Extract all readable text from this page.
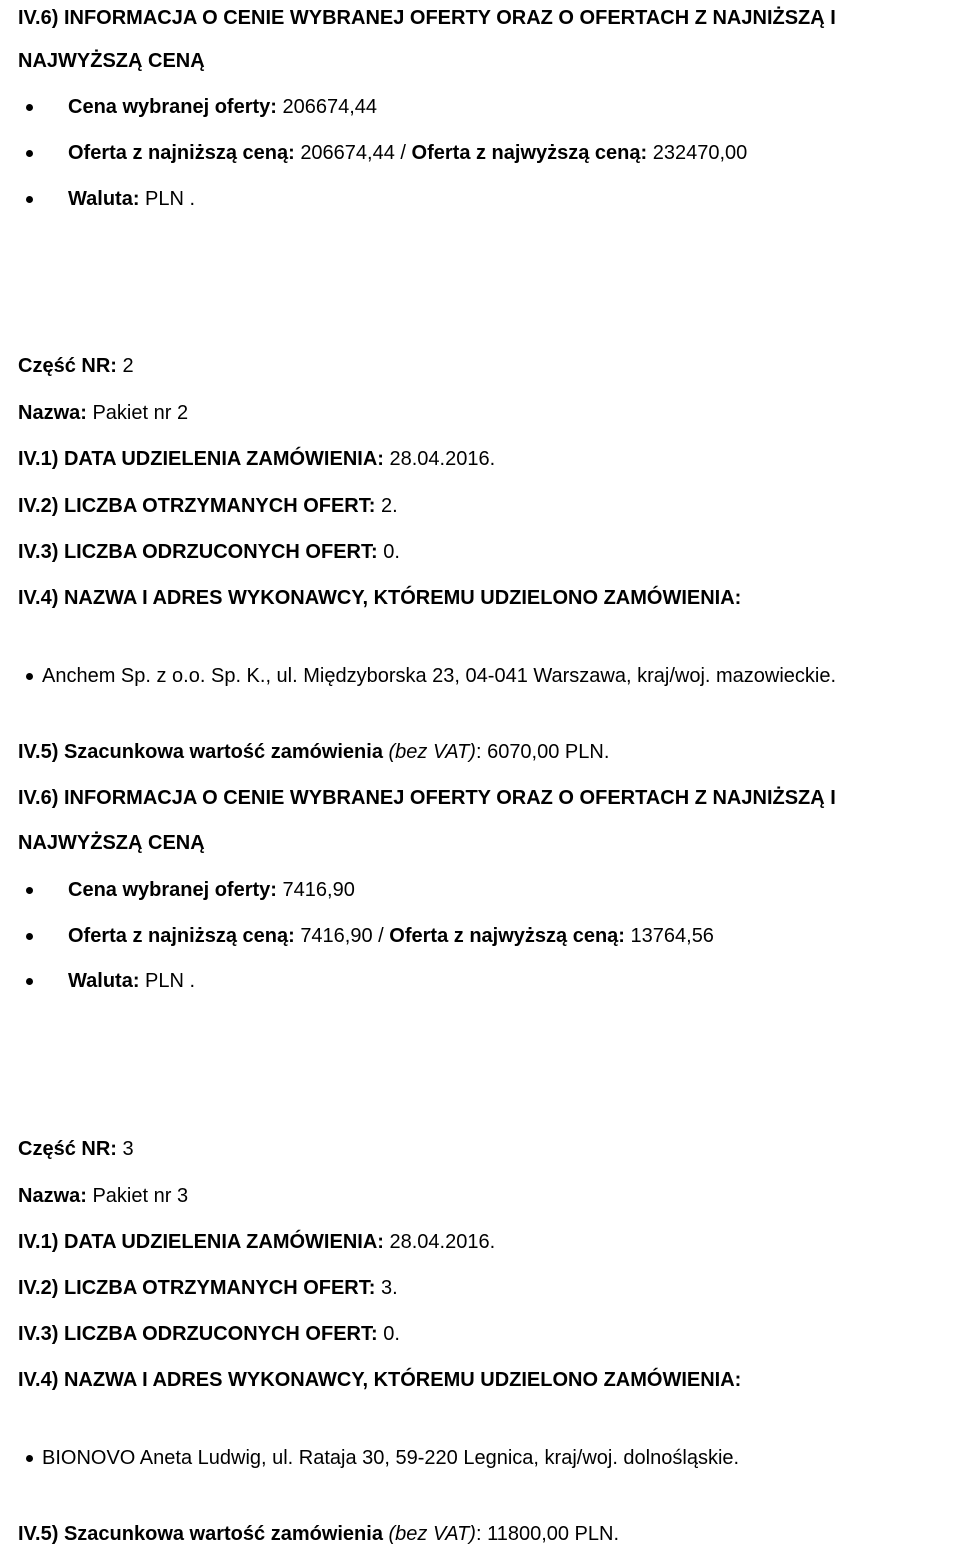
IV.6) INFORMACJA O CENIE WYBRANEJ OFERTY ORAZ O OFERTACH Z NAJNIŻSZĄ I
NAJWYŻSZĄ CENĄ
Cena wybranej oferty: 206674,44
Oferta z najniższą ceną: 206674,44 / Oferta z najwyższą ceną: 232470,00
Waluta: PLN .
Część NR: 2
Nazwa: Pakiet nr 2
IV.1) DATA UDZIELENIA ZAMÓWIENIA: 28.04.2016.
IV.2) LICZBA OTRZYMANYCH OFERT: 2.
IV.3) LICZBA ODRZUCONYCH OFERT: 0.
IV.4) NAZWA I ADRES WYKONAWCY, KTÓREMU UDZIELONO ZAMÓWIENIA:
Anchem Sp. z o.o. Sp. K., ul. Międzyborska 23, 04-041 Warszawa, kraj/woj. mazowieckie.
IV.5) Szacunkowa wartość zamówienia (bez VAT): 6070,00 PLN.
IV.6) INFORMACJA O CENIE WYBRANEJ OFERTY ORAZ O OFERTACH Z NAJNIŻSZĄ I
NAJWYŻSZĄ CENĄ
Cena wybranej oferty: 7416,90
Oferta z najniższą ceną: 7416,90 / Oferta z najwyższą ceną: 13764,56
Waluta: PLN .
Część NR: 3
Nazwa: Pakiet nr 3
IV.1) DATA UDZIELENIA ZAMÓWIENIA: 28.04.2016.
IV.2) LICZBA OTRZYMANYCH OFERT: 3.
IV.3) LICZBA ODRZUCONYCH OFERT: 0.
IV.4) NAZWA I ADRES WYKONAWCY, KTÓREMU UDZIELONO ZAMÓWIENIA:
BIONOVO Aneta Ludwig, ul. Rataja 30, 59-220 Legnica, kraj/woj. dolnośląskie.
IV.5) Szacunkowa wartość zamówienia (bez VAT): 11800,00 PLN.
